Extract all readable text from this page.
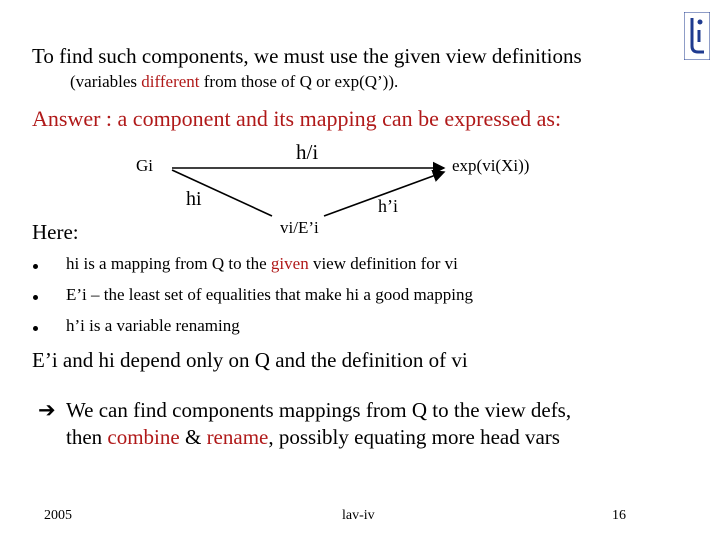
To find such components, we must use the given view definitions
(variables different from those of Q or exp(Q’)).
Answer : a component and its mapping can be expressed as:
Gi
h/i
exp(vi(Xi))
hi	h’i
vi/E’i
Here:
hi is a mapping from Q to the given view definition for vi
E’i – the least set of equalities that make hi a good mapping
h’i is a variable renaming
E’i and hi depend only on Q and the definition of vi
➔ We can find components mappings from Q to the view defs,
then combine & rename, possibly equating more head vars
2005	lav-iv	16
